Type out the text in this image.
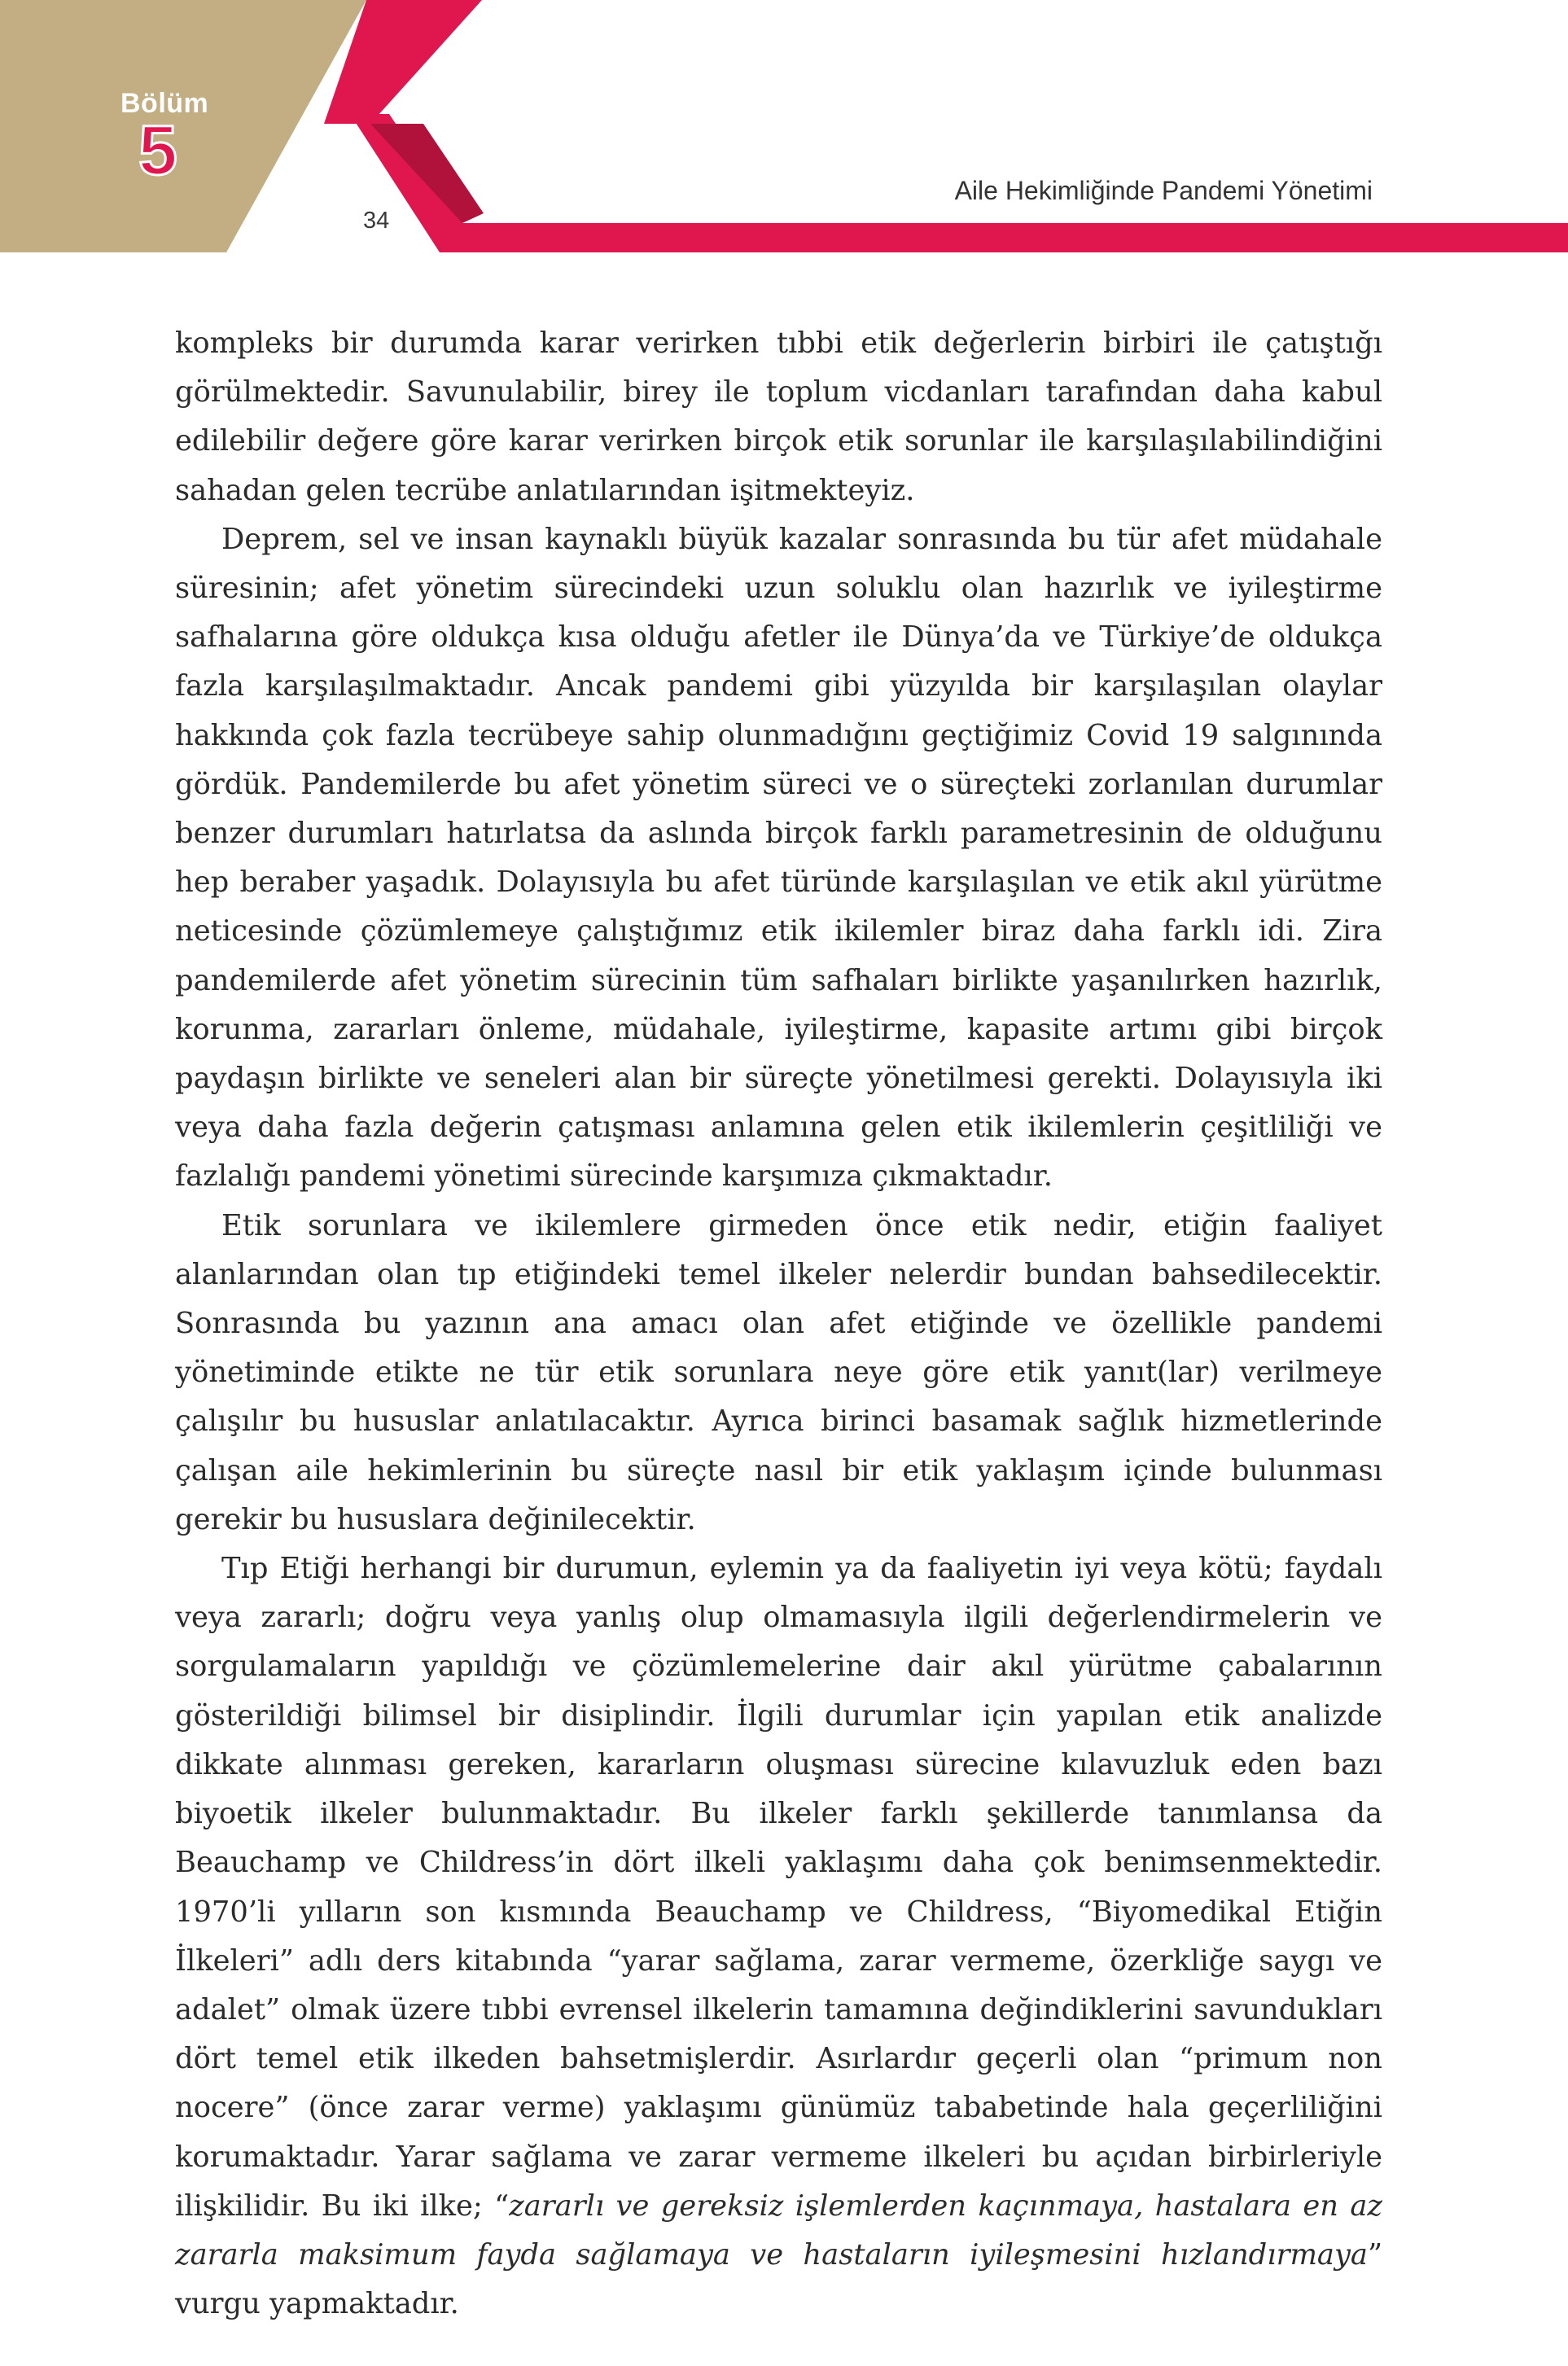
Bölüm
5
34
Aile Hekimliğinde Pandemi Yönetimi

kompleks bir durumda karar verirken tıbbi etik değerlerin birbiri ile çatıştığı görülmektedir. Savunulabilir, birey ile toplum vicdanları tarafından daha kabul edilebilir değere göre karar verirken birçok etik sorunlar ile karşılaşılabilindiğini sahadan gelen tecrübe anlatılarından işitmekteyiz.

Deprem, sel ve insan kaynaklı büyük kazalar sonrasında bu tür afet müdahale süresinin; afet yönetim sürecindeki uzun soluklu olan hazırlık ve iyileştirme safhalarına göre oldukça kısa olduğu afetler ile Dünya’da ve Türkiye’de oldukça fazla karşılaşılmaktadır. Ancak pandemi gibi yüzyılda bir karşılaşılan olaylar hakkında çok fazla tecrübeye sahip olunmadığını geçtiğimiz Covid 19 salgınında gördük. Pandemilerde bu afet yönetim süreci ve o süreçteki zorlanılan durumlar benzer durumları hatırlatsa da aslında birçok farklı parametresinin de olduğunu hep beraber yaşadık. Dolayısıyla bu afet türünde karşılaşılan ve etik akıl yürütme neticesinde çözümlemeye çalıştığımız etik ikilemler biraz daha farklı idi. Zira pandemilerde afet yönetim sürecinin tüm safhaları birlikte yaşanılırken hazırlık, korunma, zararları önleme, müdahale, iyileştirme, kapasite artımı gibi birçok paydaşın birlikte ve seneleri alan bir süreçte yönetilmesi gerekti. Dolayısıyla iki veya daha fazla değerin çatışması anlamına gelen etik ikilemlerin çeşitliliği ve fazlalığı pandemi yönetimi sürecinde karşımıza çıkmaktadır.

Etik sorunlara ve ikilemlere girmeden önce etik nedir, etiğin faaliyet alanlarından olan tıp etiğindeki temel ilkeler nelerdir bundan bahsedilecektir. Sonrasında bu yazının ana amacı olan afet etiğinde ve özellikle pandemi yönetiminde etikte ne tür etik sorunlara neye göre etik yanıt(lar) verilmeye çalışılır bu hususlar anlatılacaktır. Ayrıca birinci basamak sağlık hizmetlerinde çalışan aile hekimlerinin bu süreçte nasıl bir etik yaklaşım içinde bulunması gerekir bu hususlara değinilecektir.

Tıp Etiği herhangi bir durumun, eylemin ya da faaliyetin iyi veya kötü; faydalı veya zararlı; doğru veya yanlış olup olmamasıyla ilgili değerlendirmelerin ve sorgulamaların yapıldığı ve çözümlemelerine dair akıl yürütme çabalarının gösterildiği bilimsel bir disiplindir. İlgili durumlar için yapılan etik analizde dikkate alınması gereken, kararların oluşması sürecine kılavuzluk eden bazı biyoetik ilkeler bulunmaktadır. Bu ilkeler farklı şekillerde tanımlansa da Beauchamp ve Childress’in dört ilkeli yaklaşımı daha çok benimsenmektedir. 1970’li yılların son kısmında Beauchamp ve Childress, “Biyomedikal Etiğin İlkeleri” adlı ders kitabında “yarar sağlama, zarar vermeme, özerkliğe saygı ve adalet” olmak üzere tıbbi evrensel ilkelerin tamamına değindiklerini savundukları dört temel etik ilkeden bahsetmişlerdir. Asırlardır geçerli olan “primum non nocere” (önce zarar verme) yaklaşımı günümüz tababetinde hala geçerliliğini korumaktadır. Yarar sağlama ve zarar vermeme ilkeleri bu açıdan birbirleriyle ilişkilidir. Bu iki ilke; “zararlı ve gereksiz işlemlerden kaçınmaya, hastalara en az zararla maksimum fayda sağlamaya ve hastaların iyileşmesini hızlandırmaya” vurgu yapmaktadır.
